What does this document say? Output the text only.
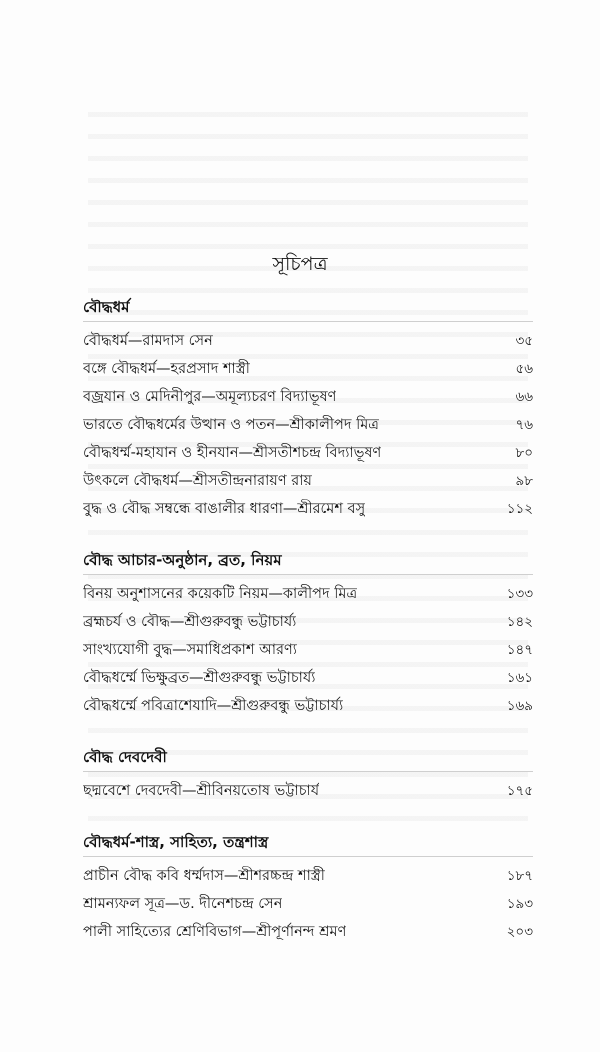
সূচিপত্র
বৌদ্ধধর্ম
বৌদ্ধধর্ম—রামদাস সেন	৩৫
বঙ্গে বৌদ্ধধর্ম—হরপ্রসাদ শাস্ত্রী	৫৬
বজ্রযান ও মেদিনীপুর—অমূল্যচরণ বিদ্যাভূষণ	৬৬
ভারতে বৌদ্ধধর্মের উত্থান ও পতন—শ্রীকালীপদ মিত্র	৭৬
বৌদ্ধধর্ম্ম-মহাযান ও হীনযান—শ্রীসতীশচন্দ্র বিদ্যাভূষণ	৮০
উৎকলে বৌদ্ধধর্ম—শ্রীসতীন্দ্রনারায়ণ রায়	৯৮
বুদ্ধ ও বৌদ্ধ সম্বন্ধে বাঙালীর ধারণা—শ্রীরমেশ বসু	১১২
বৌদ্ধ আচার-অনুষ্ঠান, ব্রত, নিয়ম
বিনয় অনুশাসনের কয়েকটি নিয়ম—কালীপদ মিত্র	১৩৩
ব্রহ্মচর্য ও বৌদ্ধ—শ্রীগুরুবন্ধু ভট্টাচার্য্য	১৪২
সাংখ্যযোগী বুদ্ধ—সমাধিপ্রকাশ আরণ্য	১৪৭
বৌদ্ধধর্ম্মে ভিক্ষুব্রত—শ্রীগুরুবন্ধু ভট্টাচার্য্য	১৬১
বৌদ্ধধর্ম্মে পবিত্রাশেযাদি—শ্রীগুরুবন্ধু ভট্টাচার্য্য	১৬৯
বৌদ্ধ দেবদেবী
ছদ্মবেশে দেবদেবী—শ্রীবিনয়তোষ ভট্টাচার্য	১৭৫
বৌদ্ধধর্ম-শাস্ত্র, সাহিত্য, তন্ত্রশাস্ত্র
প্রাচীন বৌদ্ধ কবি ধর্ম্মদাস—শ্রীশরচ্চন্দ্র শাস্ত্রী	১৮৭
শ্রামন্যফল সূত্র—ড. দীনেশচন্দ্র সেন	১৯৩
পালী সাহিত্যের শ্রেণিবিভাগ—শ্রীপূর্ণানন্দ শ্রমণ	২০৩
